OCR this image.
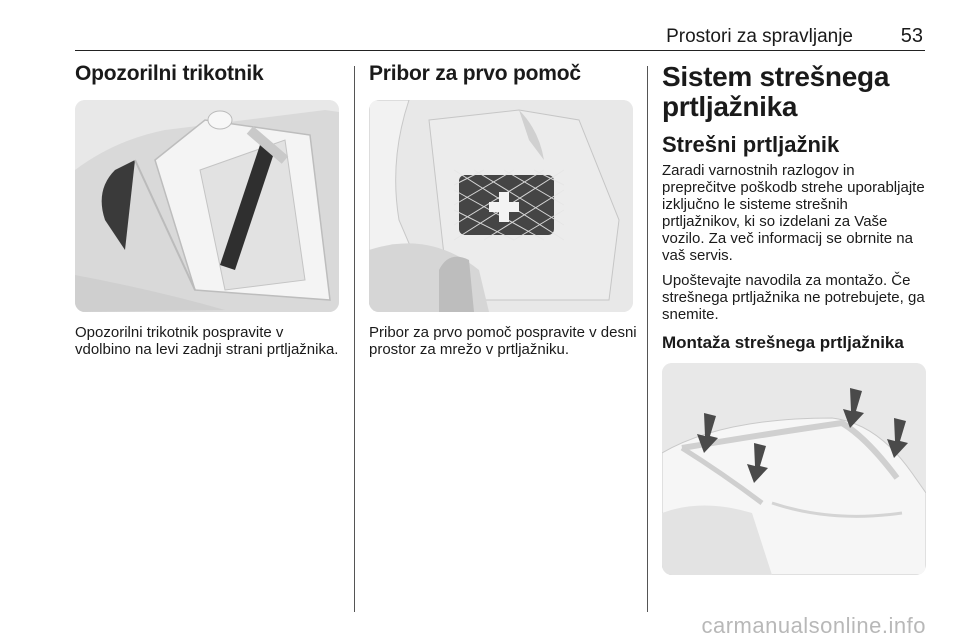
Prostori za spravljanje 53
Opozorilni trikotnik

Opozorilni trikotnik pospravite v vdolbino na levi zadnji strani prtljažnika.

Pribor za prvo pomoč

Pribor za prvo pomoč pospravite v desni prostor za mrežo v prtljažniku.

Sistem strešnega prtljažnika
Strešni prtljažnik

Zaradi varnostnih razlogov in preprečitve poškodb strehe uporabljajte izključno le sisteme strešnih prtljažnikov, ki so izdelani za Vaše vozilo. Za več informacij se obrnite na vaš servis.

Upoštevajte navodila za montažo. Če strešnega prtljažnika ne potrebujete, ga snemite.

Montaža strešnega prtljažnika
carmanualsonline.info
